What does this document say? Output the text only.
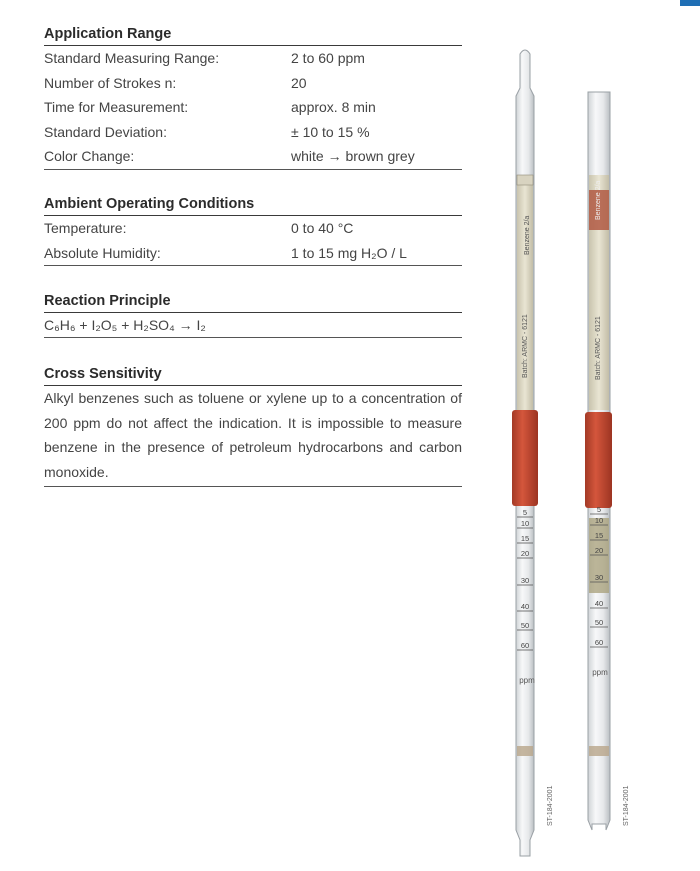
Application Range
Standard Measuring Range:	2 to 60 ppm
Number of Strokes n:	20
Time for Measurement:	approx. 8 min
Standard Deviation:	± 10 to 15 %
Color Change:	white → brown grey
Ambient Operating Conditions
Temperature:	0 to 40 °C
Absolute Humidity:	1 to 15 mg H₂O / L
Reaction Principle
C₆H₆ + I₂O₅ + H₂SO₄ → I₂
Cross Sensitivity
Alkyl benzenes such as toluene or xylene up to a concentration of 200 ppm do not affect the indication. It is impossible to measure benzene in the presence of petroleum hydrocarbons and carbon monoxide.
Benzene 2/a
Batch: ARMC - 6121
5
10
15
20
30
40
50
60
ppm
ST-184-2001
Benzene 2/a
Batch: ARMC - 6121
5
10
15
20
30
40
50
60
ppm
ST-184-2001
